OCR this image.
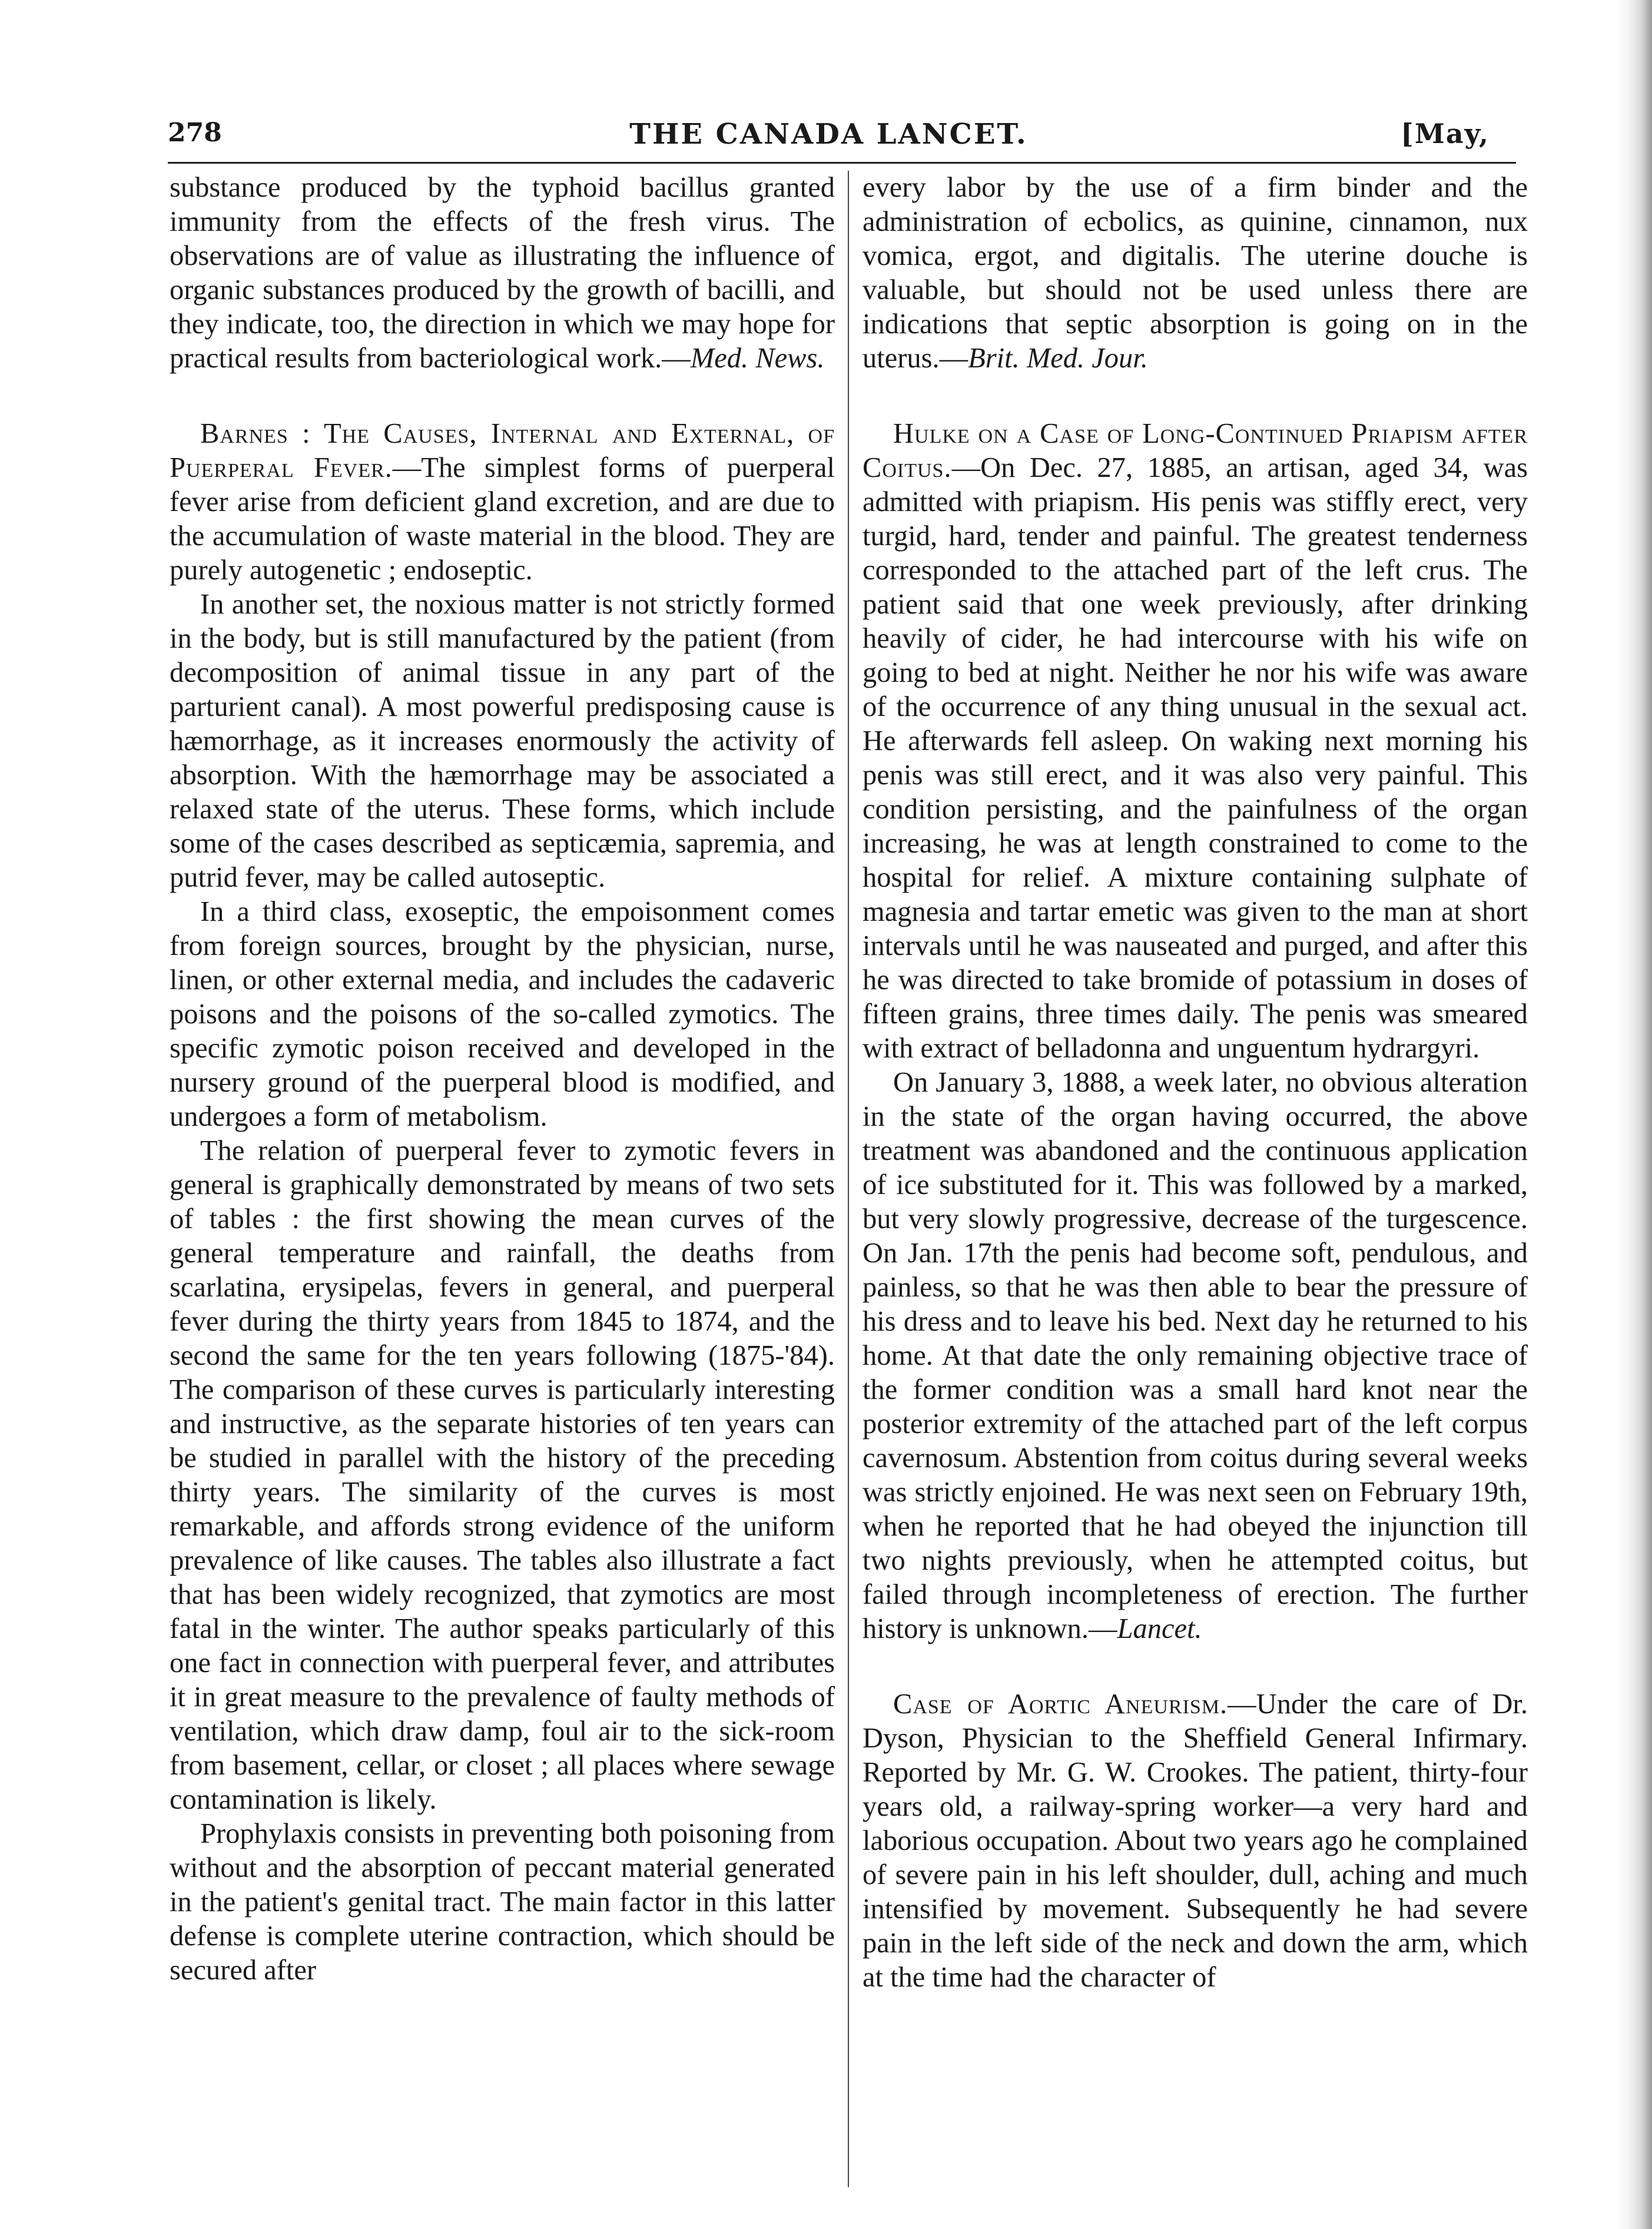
278	THE CANADA LANCET.	[May,

substance produced by the typhoid bacillus granted immunity from the effects of the fresh virus. The observations are of value as illustrating the influence of organic substances produced by the growth of bacilli, and they indicate, too, the direction in which we may hope for practical results from bacteriological work.—Med. News.

Barnes : The Causes, Internal and External, of Puerperal Fever.—The simplest forms of puerperal fever arise from deficient gland excretion, and are due to the accumulation of waste material in the blood. They are purely autogenetic ; endoseptic.

In another set, the noxious matter is not strictly formed in the body, but is still manufactured by the patient (from decomposition of animal tissue in any part of the parturient canal). A most powerful predisposing cause is hæmorrhage, as it increases enormously the activity of absorption. With the hæmorrhage may be associated a relaxed state of the uterus. These forms, which include some of the cases described as septicæmia, sapremia, and putrid fever, may be called autoseptic.

In a third class, exoseptic, the empoisonment comes from foreign sources, brought by the physician, nurse, linen, or other external media, and includes the cadaveric poisons and the poisons of the so-called zymotics. The specific zymotic poison received and developed in the nursery ground of the puerperal blood is modified, and undergoes a form of metabolism.

The relation of puerperal fever to zymotic fevers in general is graphically demonstrated by means of two sets of tables : the first showing the mean curves of the general temperature and rainfall, the deaths from scarlatina, erysipelas, fevers in general, and puerperal fever during the thirty years from 1845 to 1874, and the second the same for the ten years following (1875-'84). The comparison of these curves is particularly interesting and instructive, as the separate histories of ten years can be studied in parallel with the history of the preceding thirty years. The similarity of the curves is most remarkable, and affords strong evidence of the uniform prevalence of like causes. The tables also illustrate a fact that has been widely recognized, that zymotics are most fatal in the winter. The author speaks particularly of this one fact in connection with puerperal fever, and attributes it in great measure to the prevalence of faulty methods of ventilation, which draw damp, foul air to the sick-room from basement, cellar, or closet ; all places where sewage contamination is likely.

Prophylaxis consists in preventing both poisoning from without and the absorption of peccant material generated in the patient's genital tract. The main factor in this latter defense is complete uterine contraction, which should be secured after

every labor by the use of a firm binder and the administration of ecbolics, as quinine, cinnamon, nux vomica, ergot, and digitalis. The uterine douche is valuable, but should not be used unless there are indications that septic absorption is going on in the uterus.—Brit. Med. Jour.

Hulke on a Case of Long-Continued Priapism after Coitus.—On Dec. 27, 1885, an artisan, aged 34, was admitted with priapism. His penis was stiffly erect, very turgid, hard, tender and painful. The greatest tenderness corresponded to the attached part of the left crus. The patient said that one week previously, after drinking heavily of cider, he had intercourse with his wife on going to bed at night. Neither he nor his wife was aware of the occurrence of any thing unusual in the sexual act. He afterwards fell asleep. On waking next morning his penis was still erect, and it was also very painful. This condition persisting, and the painfulness of the organ increasing, he was at length constrained to come to the hospital for relief. A mixture containing sulphate of magnesia and tartar emetic was given to the man at short intervals until he was nauseated and purged, and after this he was directed to take bromide of potassium in doses of fifteen grains, three times daily. The penis was smeared with extract of belladonna and unguentum hydrargyri.

On January 3, 1888, a week later, no obvious alteration in the state of the organ having occurred, the above treatment was abandoned and the continuous application of ice substituted for it. This was followed by a marked, but very slowly progressive, decrease of the turgescence. On Jan. 17th the penis had become soft, pendulous, and painless, so that he was then able to bear the pressure of his dress and to leave his bed. Next day he returned to his home. At that date the only remaining objective trace of the former condition was a small hard knot near the posterior extremity of the attached part of the left corpus cavernosum. Abstention from coitus during several weeks was strictly enjoined. He was next seen on February 19th, when he reported that he had obeyed the injunction till two nights previously, when he attempted coitus, but failed through incompleteness of erection. The further history is unknown.—Lancet.

Case of Aortic Aneurism.—Under the care of Dr. Dyson, Physician to the Sheffield General Infirmary. Reported by Mr. G. W. Crookes. The patient, thirty-four years old, a railway-spring worker—a very hard and laborious occupation. About two years ago he complained of severe pain in his left shoulder, dull, aching and much intensified by movement. Subsequently he had severe pain in the left side of the neck and down the arm, which at the time had the character of
